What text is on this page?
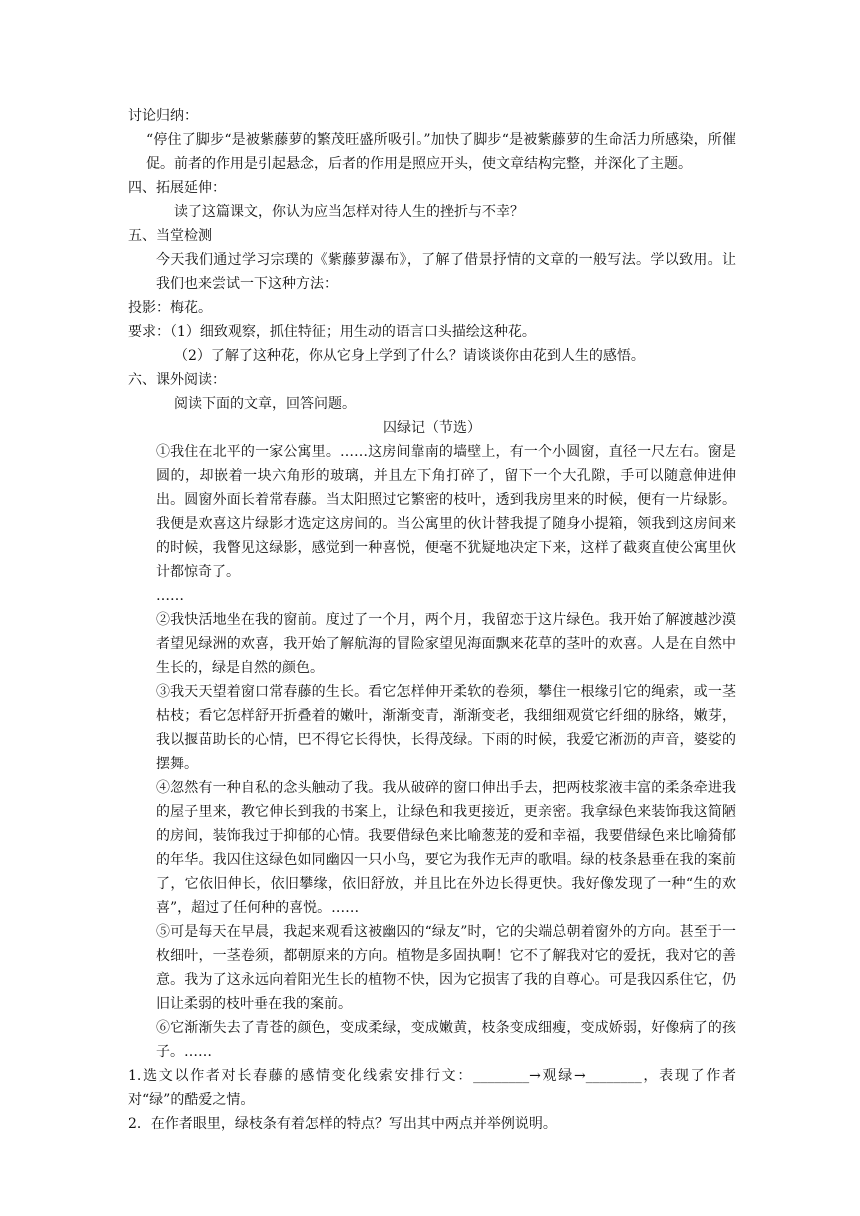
讨论归纳：
“停住了脚步“是被紫藤萝的繁茂旺盛所吸引。”加快了脚步“是被紫藤萝的生命活力所感染，所催促。前者的作用是引起悬念，后者的作用是照应开头，使文章结构完整，并深化了主题。
四、拓展延伸：
读了这篇课文，你认为应当怎样对待人生的挫折与不幸？
五、当堂检测
今天我们通过学习宗璞的《紫藤萝瀑布》，了解了借景抒情的文章的一般写法。学以致用。让我们也来尝试一下这种方法：
投影：梅花。
要求：（1）细致观察，抓住特征；用生动的语言口头描绘这种花。
（2）了解了这种花，你从它身上学到了什么？请谈谈你由花到人生的感悟。
六、课外阅读：
阅读下面的文章，回答问题。
囚绿记（节选）
①我住在北平的一家公寓里。……这房间靠南的墙壁上，有一个小圆窗，直径一尺左右。窗是圆的，却嵌着一块六角形的玻璃，并且左下角打碎了，留下一个大孔隙，手可以随意伸进伸出。圆窗外面长着常春藤。当太阳照过它繁密的枝叶，透到我房里来的时候，便有一片绿影。我便是欢喜这片绿影才选定这房间的。当公寓里的伙计替我提了随身小提箱，领我到这房间来的时候，我瞥见这绿影，感觉到一种喜悦，便毫不犹疑地决定下来，这样了截爽直使公寓里伙计都惊奇了。
……
②我快活地坐在我的窗前。度过了一个月，两个月，我留恋于这片绿色。我开始了解渡越沙漠者望见绿洲的欢喜，我开始了解航海的冒险家望见海面飘来花草的茎叶的欢喜。人是在自然中生长的，绿是自然的颜色。
③我天天望着窗口常春藤的生长。看它怎样伸开柔软的卷须，攀住一根缘引它的绳索，或一茎枯枝；看它怎样舒开折叠着的嫩叶，渐渐变青，渐渐变老，我细细观赏它纤细的脉络，嫩芽，我以揠苗助长的心情，巴不得它长得快，长得茂绿。下雨的时候，我爱它淅沥的声音，婆娑的摆舞。
④忽然有一种自私的念头触动了我。我从破碎的窗口伸出手去，把两枝浆液丰富的柔条牵进我的屋子里来，教它伸长到我的书案上，让绿色和我更接近，更亲密。我拿绿色来装饰我这简陋的房间，装饰我过于抑郁的心情。我要借绿色来比喻葱茏的爱和幸福，我要借绿色来比喻猗郁的年华。我囚住这绿色如同幽囚一只小鸟，要它为我作无声的歌唱。绿的枝条悬垂在我的案前了，它依旧伸长，依旧攀缘，依旧舒放，并且比在外边长得更快。我好像发现了一种“生的欢喜”，超过了任何种的喜悦。……
⑤可是每天在早晨，我起来观看这被幽囚的“绿友”时，它的尖端总朝着窗外的方向。甚至于一枚细叶，一茎卷须，都朝原来的方向。植物是多固执啊！它不了解我对它的爱抚，我对它的善意。我为了这永远向着阳光生长的植物不快，因为它损害了我的自尊心。可是我囚系住它，仍旧让柔弱的枝叶垂在我的案前。
⑥它渐渐失去了青苍的颜色，变成柔绿，变成嫩黄，枝条变成细瘦，变成娇弱，好像病了的孩子。……
1.选文以作者对长春藤的感情变化线索安排行文：________→观绿→________，表现了作者对“绿”的酷爱之情。
2．在作者眼里，绿枝条有着怎样的特点？写出其中两点并举例说明。
